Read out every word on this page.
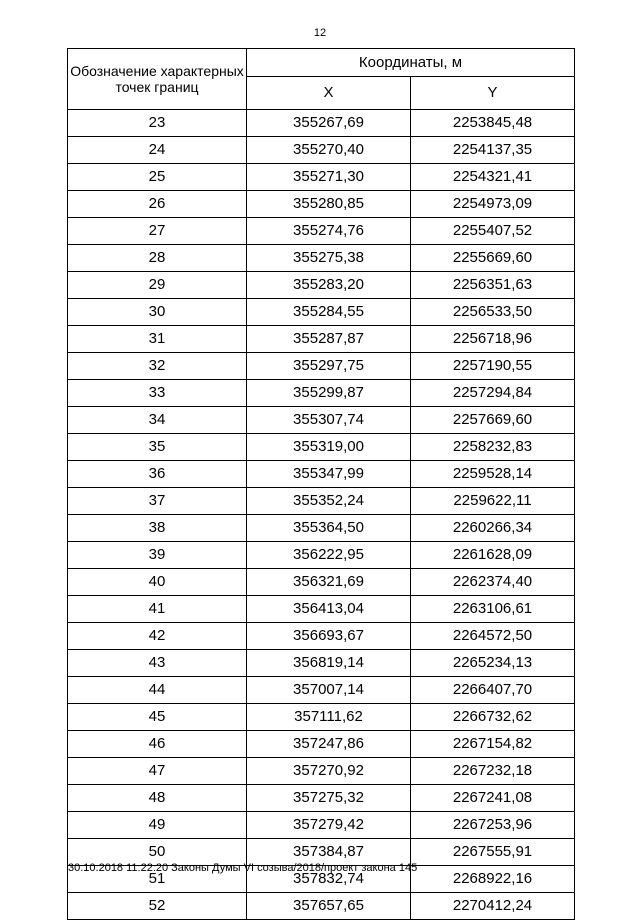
12
Обозначение характерных точек границ	Координаты, м	
	X	Y
23	355267,69	2253845,48
24	355270,40	2254137,35
25	355271,30	2254321,41
26	355280,85	2254973,09
27	355274,76	2255407,52
28	355275,38	2255669,60
29	355283,20	2256351,63
30	355284,55	2256533,50
31	355287,87	2256718,96
32	355297,75	2257190,55
33	355299,87	2257294,84
34	355307,74	2257669,60
35	355319,00	2258232,83
36	355347,99	2259528,14
37	355352,24	2259622,11
38	355364,50	2260266,34
39	356222,95	2261628,09
40	356321,69	2262374,40
41	356413,04	2263106,61
42	356693,67	2264572,50
43	356819,14	2265234,13
44	357007,14	2266407,70
45	357111,62	2266732,62
46	357247,86	2267154,82
47	357270,92	2267232,18
48	357275,32	2267241,08
49	357279,42	2267253,96
50	357384,87	2267555,91
51	357832,74	2268922,16
52	357657,65	2270412,24
30.10.2018 11:22:20 Законы Думы VI созыва/2018/проект закона 145
